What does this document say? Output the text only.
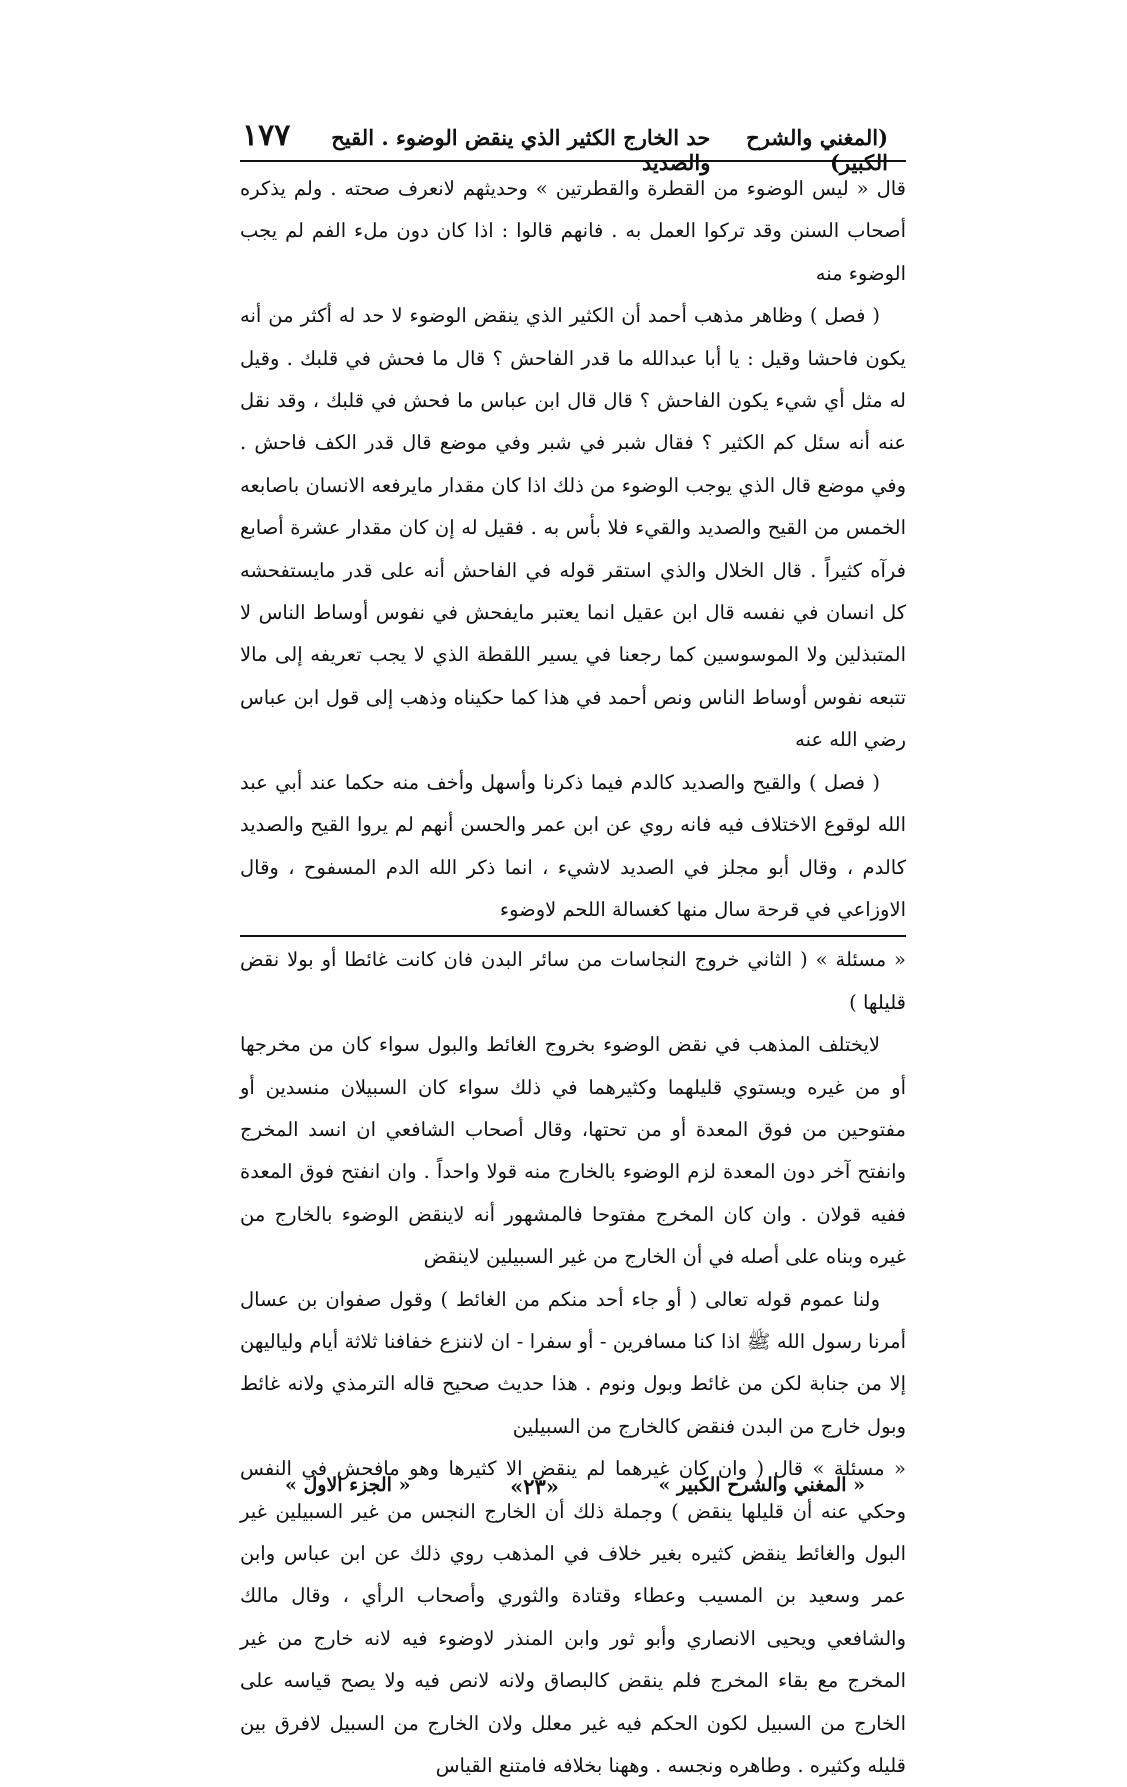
(المغني والشرح الكبير)
حد الخارج الكثير الذي ينقض الوضوء . القيح والصديد
١٧٧

قال « ليس الوضوء من القطرة والقطرتين » وحديثهم لانعرف صحته . ولم يذكره أصحاب السنن وقد تركوا العمل به . فانهم قالوا : اذا كان دون ملء الفم لم يجب الوضوء منه

( فصل ) وظاهر مذهب أحمد أن الكثير الذي ينقض الوضوء لا حد له أكثر من أنه يكون فاحشا وقيل : يا أبا عبدالله ما قدر الفاحش ؟ قال ما فحش في قلبك . وقيل له مثل أي شيء يكون الفاحش ؟ قال قال ابن عباس ما فحش في قلبك ، وقد نقل عنه أنه سئل كم الكثير ؟ فقال شبر في شبر وفي موضع قال قدر الكف فاحش . وفي موضع قال الذي يوجب الوضوء من ذلك اذا كان مقدار مايرفعه الانسان باصابعه الخمس من القيح والصديد والقيء فلا بأس به . فقيل له إن كان مقدار عشرة أصابع فرآه كثيراً . قال الخلال والذي استقر قوله في الفاحش أنه على قدر مايستفحشه كل انسان في نفسه قال ابن عقيل انما يعتبر مايفحش في نفوس أوساط الناس لا المتبذلين ولا الموسوسين كما رجعنا في يسير اللقطة الذي لا يجب تعريفه إلى مالا تتبعه نفوس أوساط الناس ونص أحمد في هذا كما حكيناه وذهب إلى قول ابن عباس رضي الله عنه

( فصل ) والقيح والصديد كالدم فيما ذكرنا وأسهل وأخف منه حكما عند أبي عبد الله لوقوع الاختلاف فيه فانه روي عن ابن عمر والحسن أنهم لم يروا القيح والصديد كالدم ، وقال أبو مجلز في الصديد لاشيء ، انما ذكر الله الدم المسفوح ، وقال الاوزاعي في قرحة سال منها كغسالة اللحم لاوضوء

« مسئلة » ( الثاني خروج النجاسات من سائر البدن فان كانت غائطا أو بولا نقض قليلها )

لايختلف المذهب في نقض الوضوء بخروج الغائط والبول سواء كان من مخرجها أو من غيره ويستوي قليلهما وكثيرهما في ذلك سواء كان السبيلان منسدين أو مفتوحين من فوق المعدة أو من تحتها، وقال أصحاب الشافعي ان انسد المخرج وانفتح آخر دون المعدة لزم الوضوء بالخارج منه قولا واحداً . وان انفتح فوق المعدة ففيه قولان . وان كان المخرج مفتوحا فالمشهور أنه لاينقض الوضوء بالخارج من غيره وبناه على أصله في أن الخارج من غير السبيلين لاينقض

ولنا عموم قوله تعالى ( أو جاء أحد منكم من الغائط ) وقول صفوان بن عسال أمرنا رسول الله ﷺ اذا كنا مسافرين - أو سفرا - ان لاننزع خفافنا ثلاثة أيام ولياليهن إلا من جنابة لكن من غائط وبول ونوم . هذا حديث صحيح قاله الترمذي ولانه غائط وبول خارج من البدن فنقض كالخارج من السبيلين

« مسئلة » قال ( وان كان غيرهما لم ينقض الا كثيرها وهو مافحش في النفس وحكي عنه أن قليلها ينقض ) وجملة ذلك أن الخارج النجس من غير السبيلين غير البول والغائط ينقض كثيره بغير خلاف في المذهب روي ذلك عن ابن عباس وابن عمر وسعيد بن المسيب وعطاء وقتادة والثوري وأصحاب الرأي ، وقال مالك والشافعي ويحيى الانصاري وأبو ثور وابن المنذر لاوضوء فيه لانه خارج من غير المخرج مع بقاء المخرج فلم ينقض كالبصاق ولانه لانص فيه ولا يصح قياسه على الخارج من السبيل لكون الحكم فيه غير معلل ولان الخارج من السبيل لافرق بين قليله وكثيره . وطاهره ونجسه . وههنا بخلافه فامتنع القياس

« المغني والشرح الكبير »
«٢٣»
« الجزء الاول »
